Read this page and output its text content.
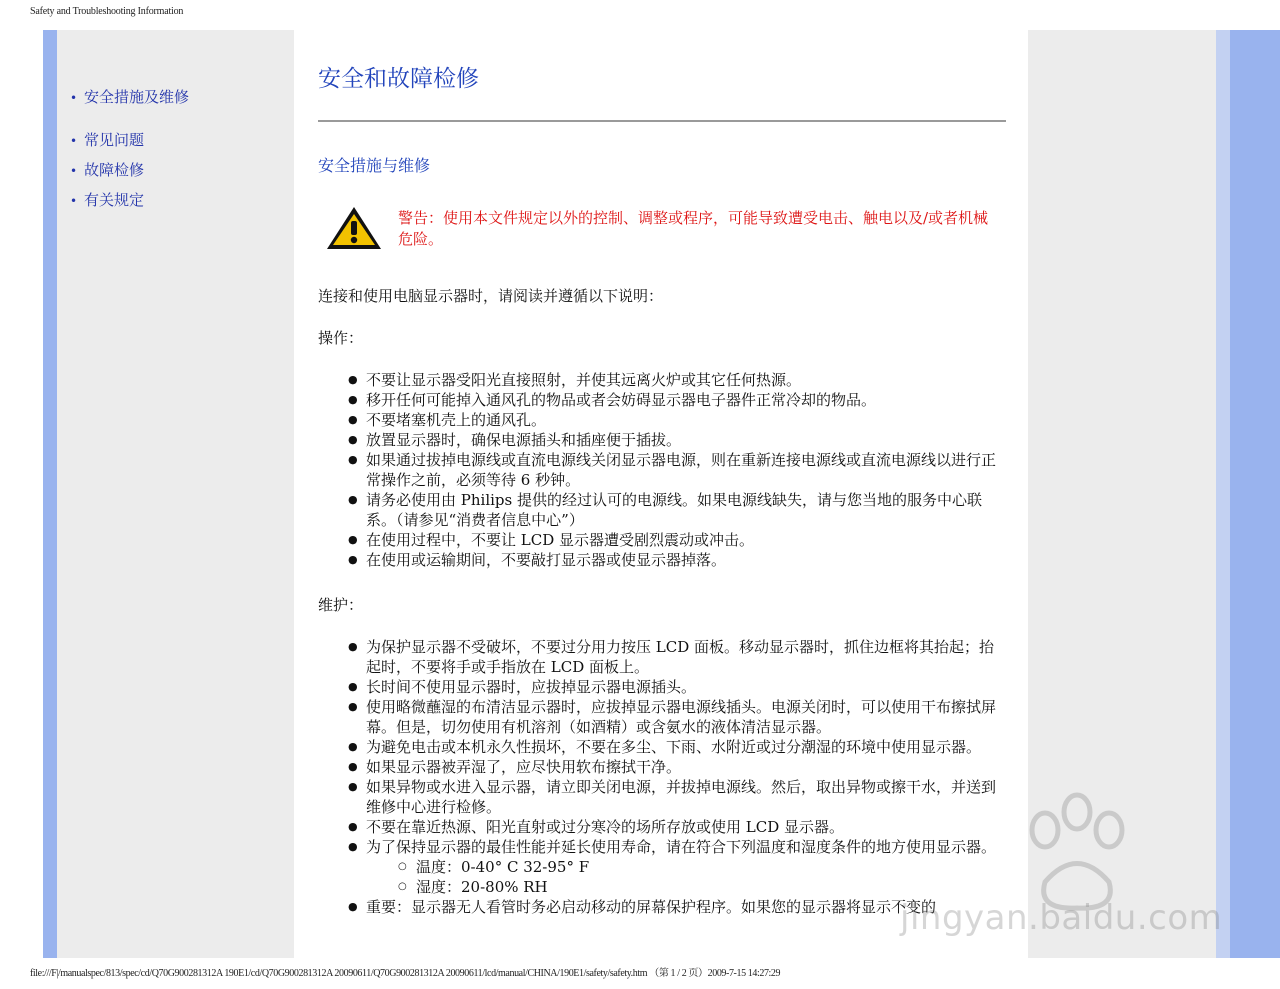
Safety and Troubleshooting Information
• 安全措施及维修
• 常见问题
• 故障检修
• 有关规定
安全和故障检修
安全措施与维修
警告：使用本文件规定以外的控制、调整或程序，可能导致遭受电击、触电以及/或者机械危险。
连接和使用电脑显示器时，请阅读并遵循以下说明：
操作：
● 不要让显示器受阳光直接照射，并使其远离火炉或其它任何热源。
● 移开任何可能掉入通风孔的物品或者会妨碍显示器电子器件正常冷却的物品。
● 不要堵塞机壳上的通风孔。
● 放置显示器时，确保电源插头和插座便于插拔。
● 如果通过拔掉电源线或直流电源线关闭显示器电源，则在重新连接电源线或直流电源线以进行正常操作之前，必须等待 6 秒钟。
● 请务必使用由 Philips 提供的经过认可的电源线。如果电源线缺失，请与您当地的服务中心联系。（请参见“消费者信息中心”）
● 在使用过程中，不要让 LCD 显示器遭受剧烈震动或冲击。
● 在使用或运输期间，不要敲打显示器或使显示器掉落。
维护：
● 为保护显示器不受破坏，不要过分用力按压 LCD 面板。移动显示器时，抓住边框将其抬起；抬起时，不要将手或手指放在 LCD 面板上。
● 长时间不使用显示器时，应拔掉显示器电源插头。
● 使用略微蘸湿的布清洁显示器时，应拔掉显示器电源线插头。电源关闭时，可以使用干布擦拭屏幕。但是，切勿使用有机溶剂（如酒精）或含氨水的液体清洁显示器。
● 为避免电击或本机永久性损坏，不要在多尘、下雨、水附近或过分潮湿的环境中使用显示器。
● 如果显示器被弄湿了，应尽快用软布擦拭干净。
● 如果异物或水进入显示器，请立即关闭电源，并拔掉电源线。然后，取出异物或擦干水，并送到维修中心进行检修。
● 不要在靠近热源、阳光直射或过分寒冷的场所存放或使用 LCD 显示器。
● 为了保持显示器的最佳性能并延长使用寿命，请在符合下列温度和湿度条件的地方使用显示器。
○ 温度：0-40° C 32-95° F
○ 湿度：20-80% RH
● 重要：显示器无人看管时务必启动移动的屏幕保护程序。如果您的显示器将显示不变的
jingyan.baidu.com
file:///F|/manualspec/813/spec/cd/Q70G900281312A 190E1/cd/Q70G900281312A 20090611/Q70G900281312A 20090611/lcd/manual/CHINA/190E1/safety/safety.htm （第 1 / 2 页）2009-7-15 14:27:29
